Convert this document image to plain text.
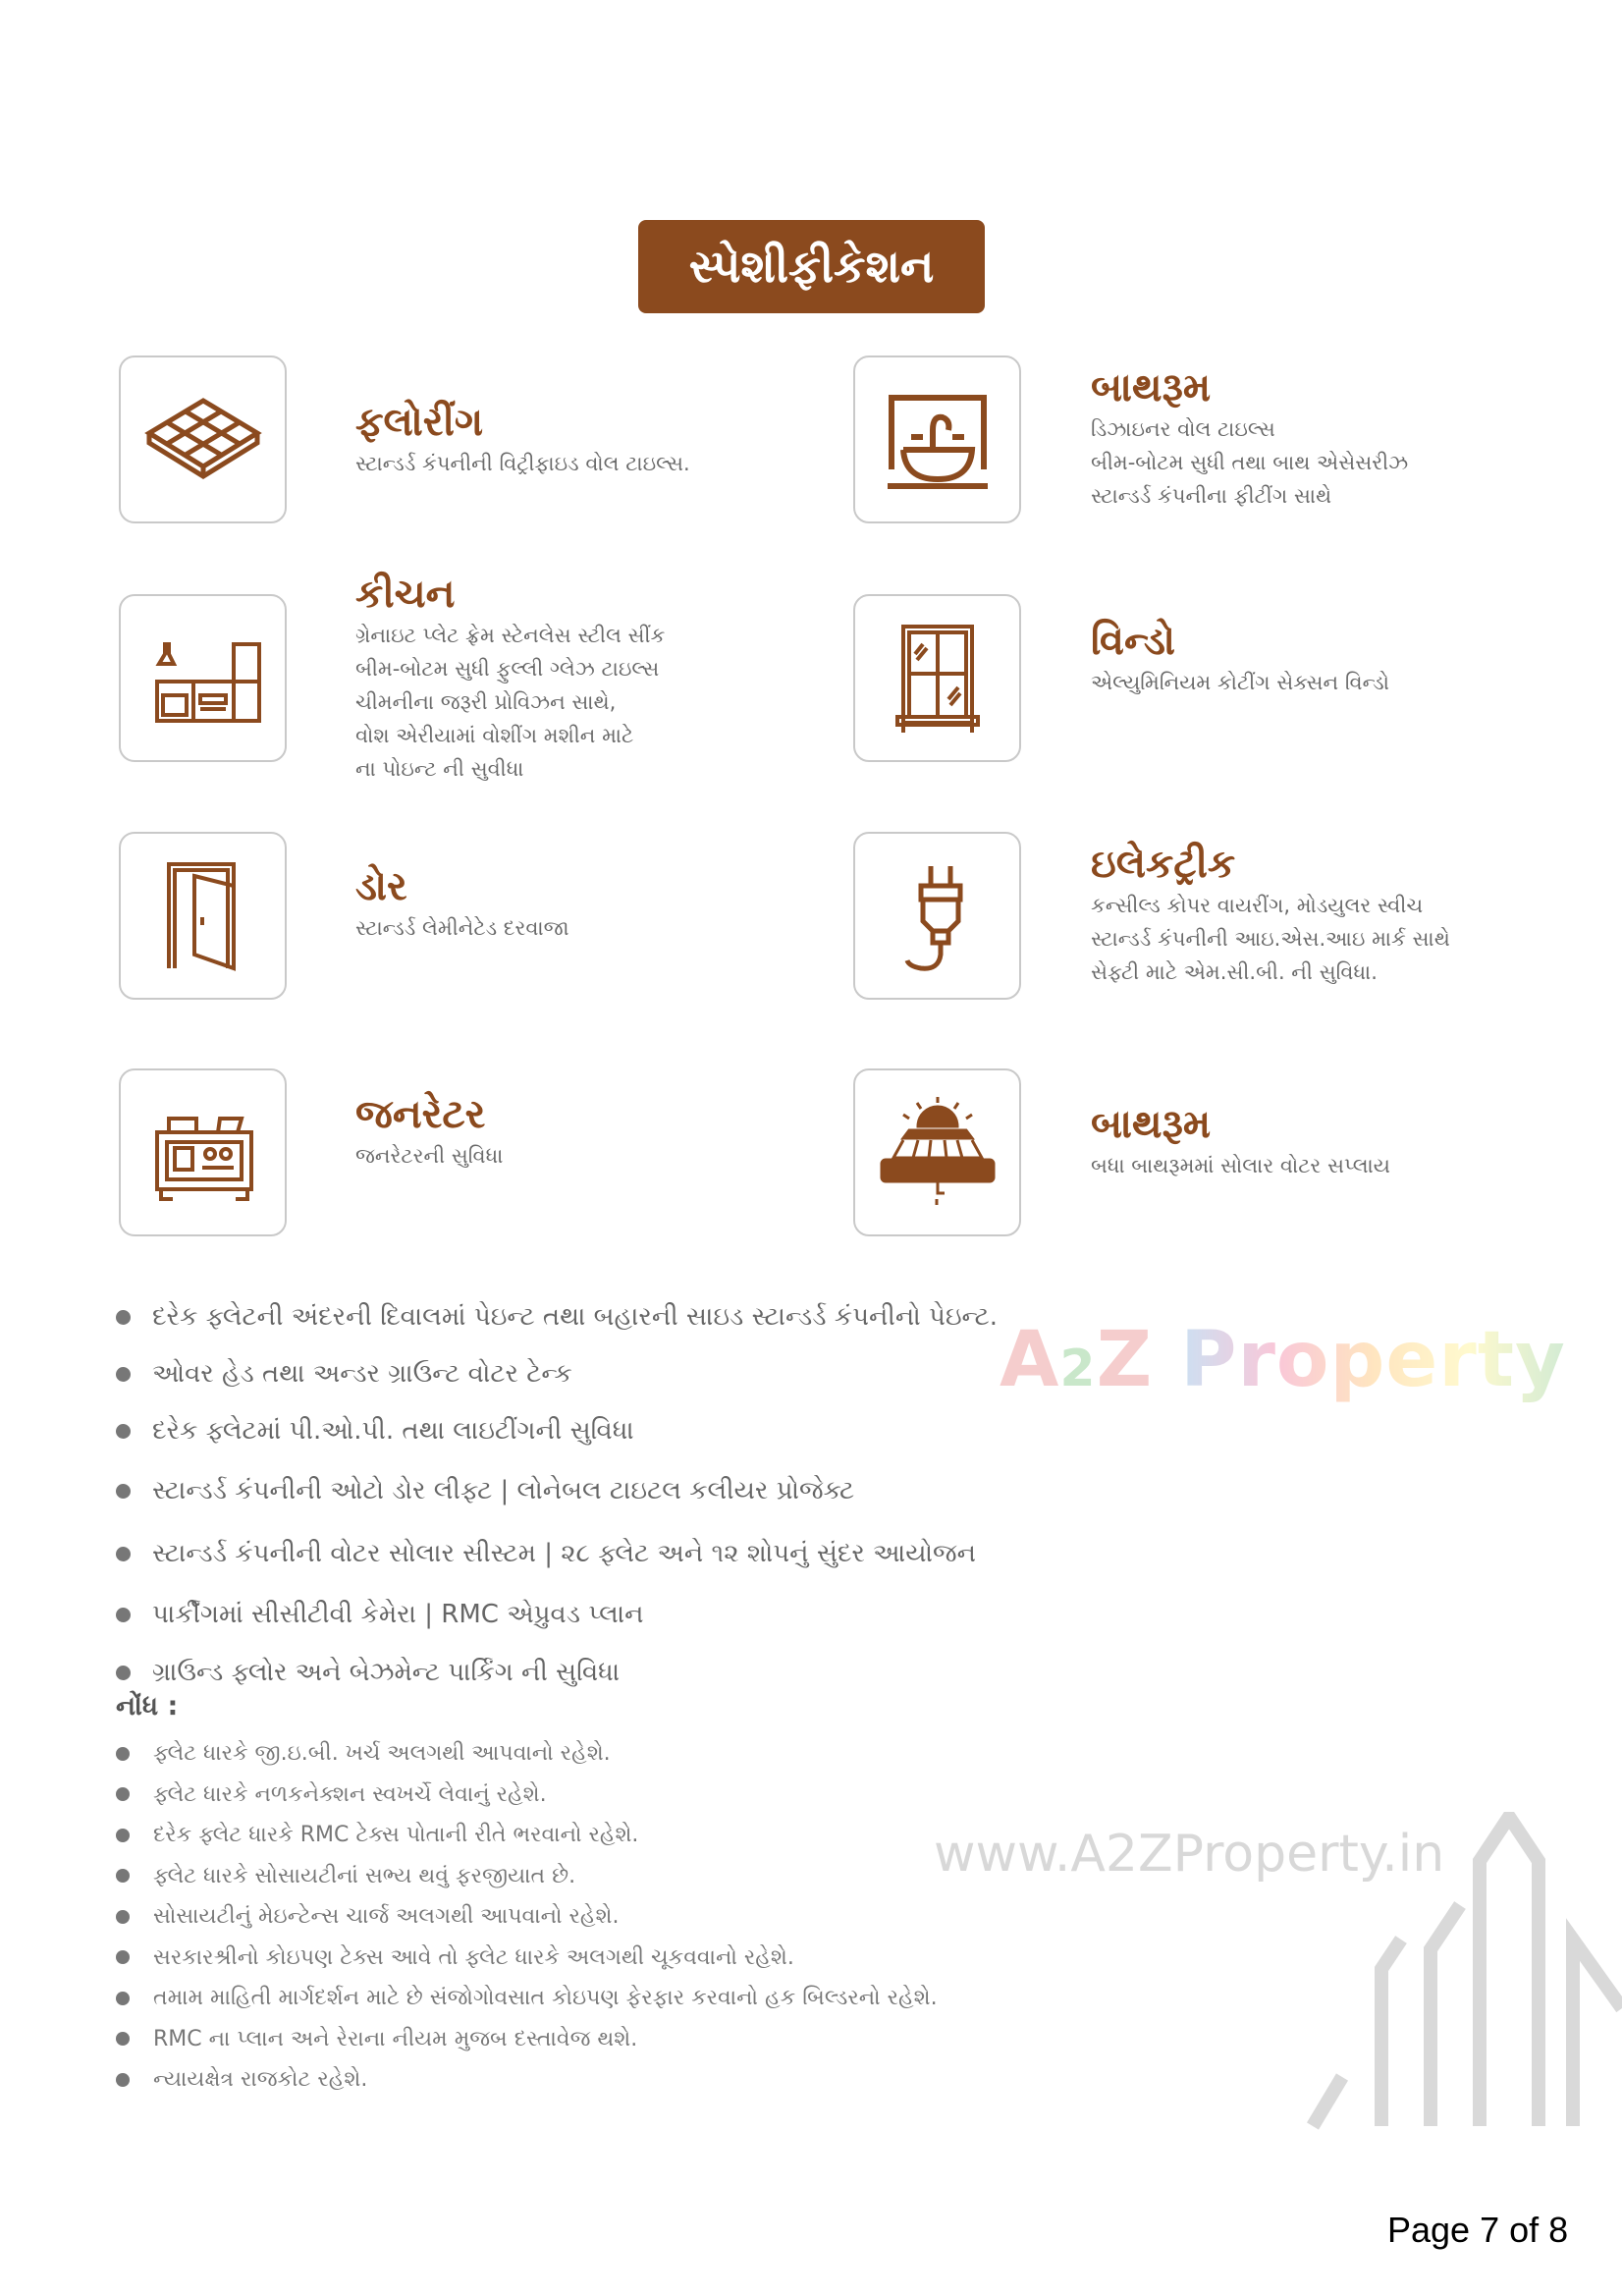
સ્પેશીફીકેશન
ફલોરીંગ
સ્ટાન્ડર્ડ કંપનીની વિટ્રીફાઇડ વોલ ટાઇલ્સ.
બાથરૂમ
ડિઝાઇનર વોલ ટાઇલ્સ
બીમ-બોટમ સુધી તથા બાથ એસેસરીઝ
સ્ટાન્ડર્ડ કંપનીના ફીટીંગ સાથે
કીચન
ગ્રેનાઇટ પ્લેટ ફ્રેમ સ્ટેનલેસ સ્ટીલ સીંક
બીમ-બોટમ સુધી ફુલ્લી ગ્લેઝ ટાઇલ્સ
ચીમનીના જરૂરી પ્રોવિઝન સાથે,
વોશ એરીયામાં વોશીંગ મશીન માટે
ના પોઇન્ટ ની સુવીધા
વિન્ડો
એલ્યુમિનિયમ કોટીંગ સેક્સન વિન્ડો
ડોર
સ્ટાન્ડર્ડ લેમીનેટેડ દરવાજા
ઇલેકટ્રીક
કન્સીલ્ડ કોપર વાયરીંગ, મોડયુલર સ્વીચ
સ્ટાન્ડર્ડ કંપનીની આઇ.એસ.આઇ માર્ક સાથે
સેફ્ટી માટે એમ.સી.બી. ની સુવિધા.
જનરેટર
જનરેટરની સુવિધા
બાથરૂમ
બધા બાથરૂમમાં સોલાર વોટર સપ્લાય
A2Z Property
www.A2ZProperty.in
દરેક ફ્લેટની અંદરની દિવાલમાં પેઇન્ટ તથા બહારની સાઇડ સ્ટાન્ડર્ડ કંપનીનો પેઇન્ટ.
ઓવર હેડ તથા અન્ડર ગ્રાઉન્ટ વોટર ટેન્ક
દરેક ફ્લેટમાં પી.ઓ.પી. તથા લાઇટીંગની સુવિધા
સ્ટાન્ડર્ડ કંપનીની ઓટો ડોર લીફ્ટ | લોનેબલ ટાઇટલ કલીયર પ્રોજેક્ટ
સ્ટાન્ડર્ડ કંપનીની વોટર સોલાર સીસ્ટમ | ૨૮ ફ્લેટ અને ૧૨ શોપનું સુંદર આયોજન
પાર્કીંગમાં સીસીટીવી કેમેરા | RMC એપ્રુવડ પ્લાન
ગ્રાઉન્ડ ફ્લોર અને બેઝમેન્ટ પાર્કિંગ ની સુવિધા
નોંધ :
ફ્લેટ ધારકે જી.ઇ.બી. ખર્ચ અલગથી આપવાનો રહેશે.
ફ્લેટ ધારકે નળકનેક્શન સ્વખર્ચે લેવાનું રહેશે.
દરેક ફ્લેટ ધારકે RMC ટેક્સ પોતાની રીતે ભરવાનો રહેશે.
ફ્લેટ ધારકે સોસાયટીનાં સભ્ય થવું ફરજીયાત છે.
સોસાયટીનું મેઇન્ટેન્સ ચાર્જ અલગથી આપવાનો રહેશે.
સરકારશ્રીનો કોઇપણ ટેક્સ આવે તો ફ્લેટ ધારકે અલગથી ચૂકવવાનો રહેશે.
તમામ માહિતી માર્ગદર્શન માટે છે સંજોગોવસાત કોઇપણ ફેરફાર કરવાનો હક બિલ્ડરનો રહેશે.
RMC ના પ્લાન અને રેરાના નીયમ મુજબ દસ્તાવેજ થશે.
ન્યાયક્ષેત્ર રાજકોટ રહેશે.
Page 7 of 8
